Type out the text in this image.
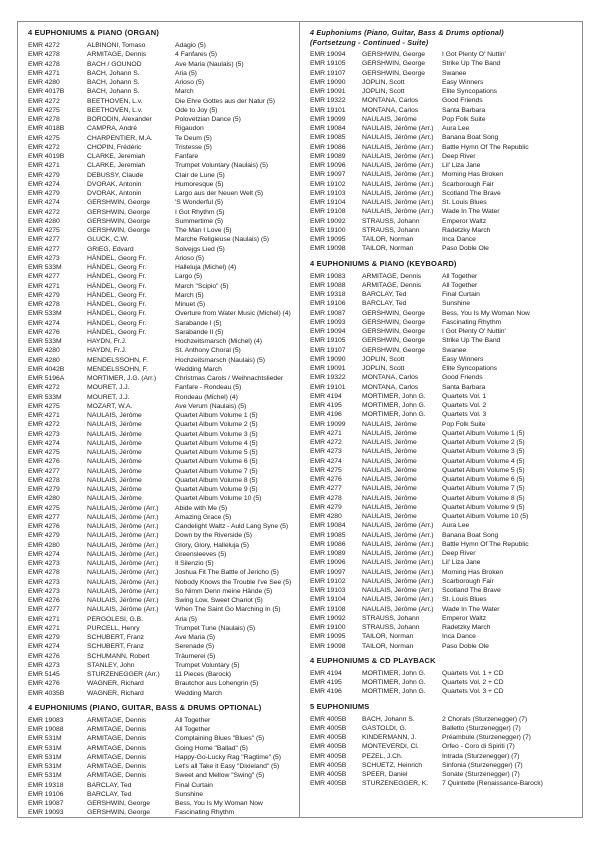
4 EUPHONIUMS & PIANO (ORGAN)
EMR 4272	ALBINONI, Tomaso	Adagio (5)
EMR 4278	ARMITAGE, Dennis	4 Fanfares (5)
EMR 4278	BACH / GOUNOD	Ave Maria (Naulais) (5)
EMR 4271	BACH, Johann S.	Aria (5)
EMR 4280	BACH, Johann S.	Arioso (5)
EMR 4017B	BACH, Johann S.	March
EMR 4272	BEETHOVEN, L.v.	Die Ehre Gottes aus der Natur (5)
EMR 4275	BEETHOVEN, L.v.	Ode to Joy (5)
EMR 4278	BORODIN, Alexander	Polovetzian Dance (5)
EMR 4018B	CAMPRA, André	Rigaudon
EMR 4275	CHARPENTIER, M.A.	Te Deum (5)
EMR 4272	CHOPIN, Frédéric	Tristesse (5)
EMR 4019B	CLARKE, Jeremiah	Fanfare
EMR 4271	CLARKE, Jeremiah	Trumpet Voluntary (Naulais) (5)
EMR 4279	DEBUSSY, Claude	Clair de Lune (5)
EMR 4274	DVORAK, Antonin	Humoresque (5)
EMR 4279	DVORAK, Antonin	Largo aus der Neuen Welt (5)
EMR 4274	GERSHWIN, George	'S Wonderful (5)
EMR 4272	GERSHWIN, George	I Got Rhythm (5)
EMR 4280	GERSHWIN, George	Summertime (5)
EMR 4275	GERSHWIN, George	The Man I Love (5)
EMR 4277	GLUCK, C.W.	Marche Religieuse (Naulais) (5)
EMR 4277	GRIEG, Edvard	Solvejgs Lied (5)
EMR 4273	HÄNDEL, Georg Fr.	Arioso (5)
EMR 533M	HÄNDEL, Georg Fr.	Halleluja (Michel) (4)
EMR 4277	HÄNDEL, Georg Fr.	Largo (5)
EMR 4271	HÄNDEL, Georg Fr.	March "Scipio" (5)
EMR 4279	HÄNDEL, Georg Fr.	March (5)
EMR 4278	HÄNDEL, Georg Fr.	Minuet (5)
EMR 533M	HÄNDEL, Georg Fr.	Overture from Water Music (Michel) (4)
EMR 4274	HÄNDEL, Georg Fr.	Sarabande I (5)
EMR 4276	HÄNDEL, Georg Fr.	Sarabande II (5)
EMR 533M	HAYDN, Fr.J.	Hochzeitsmarsch (Michel) (4)
EMR 4280	HAYDN, Fr.J.	St. Anthony Choral (5)
EMR 4280	MENDELSSOHN, F.	Hochzeitsmarsch (Naulais) (5)
EMR 4042B	MENDELSSOHN, F.	Wedding March
EMR 5196A	MORTIMER, J.G. (Arr.)	Christmas Carols / Weihnachtslieder
EMR 4272	MOURET, J.J.	Fanfare - Rondeau (5)
EMR 533M	MOURET, J.J.	Rondeau (Michel) (4)
EMR 4275	MOZART, W.A.	Ave Verum (Naulais) (5)
EMR 4271	NAULAIS, Jérôme	Quartet Album Volume 1 (5)
EMR 4272	NAULAIS, Jérôme	Quartet Album Volume 2 (5)
EMR 4273	NAULAIS, Jérôme	Quartet Album Volume 3 (5)
EMR 4274	NAULAIS, Jérôme	Quartet Album Volume 4 (5)
EMR 4275	NAULAIS, Jérôme	Quartet Album Volume 5 (5)
EMR 4276	NAULAIS, Jérôme	Quartet Album Volume 6 (5)
EMR 4277	NAULAIS, Jérôme	Quartet Album Volume 7 (5)
EMR 4278	NAULAIS, Jérôme	Quartet Album Volume 8 (5)
EMR 4279	NAULAIS, Jérôme	Quartet Album Volume 9 (5)
EMR 4280	NAULAIS, Jérôme	Quartet Album Volume 10 (5)
EMR 4275	NAULAIS, Jérôme (Arr.)	Abide with Me (5)
EMR 4277	NAULAIS, Jérôme (Arr.)	Amazing Grace (5)
EMR 4276	NAULAIS, Jérôme (Arr.)	Candelight Waltz - Auld Lang Syne (5)
EMR 4279	NAULAIS, Jérôme (Arr.)	Down by the Riverside (5)
EMR 4280	NAULAIS, Jérôme (Arr.)	Glory, Glory, Halleluja (5)
EMR 4274	NAULAIS, Jérôme (Arr.)	Greensleeves (5)
EMR 4273	NAULAIS, Jérôme (Arr.)	Il Silenzio (5)
EMR 4278	NAULAIS, Jérôme (Arr.)	Joshua Fit The Battle of Jericho (5)
EMR 4273	NAULAIS, Jérôme (Arr.)	Nobody Knows the Trouble I've See (5)
EMR 4273	NAULAIS, Jérôme (Arr.)	So Nimm Denn meine Hände (5)
EMR 4276	NAULAIS, Jérôme (Arr.)	Swing Low, Sweet Chariot (5)
EMR 4277	NAULAIS, Jérôme (Arr.)	When The Saint Go Marching In (5)
EMR 4271	PERGOLESI, G.B.	Aria (5)
EMR 4271	PURCELL, Henry	Trumpet Tune (Naulais) (5)
EMR 4279	SCHUBERT, Franz	Ave Maria (5)
EMR 4274	SCHUBERT, Franz	Serenade (5)
EMR 4276	SCHUMANN, Robert	Träumerei (5)
EMR 4273	STANLEY, John	Trumpet Voluntary (5)
EMR 5145	STURZENEGGER (Arr.)	11 Pieces (Barock)
EMR 4276	WAGNER, Richard	Brautchor aus Lohengrin (5)
EMR 4035B	WAGNER, Richard	Wedding March
4 EUPHONIUMS (PIANO, GUITAR, BASS & DRUMS OPTIONAL)
EMR 19083	ARMITAGE, Dennis	All Together
EMR 19088	ARMITAGE, Dennis	All Together
EMR 531M	ARMITAGE, Dennis	Complaining Blues "Blues" (5)
EMR 531M	ARMITAGE, Dennis	Going Home "Ballad" (5)
EMR 531M	ARMITAGE, Dennis	Happy-Go-Lucky Rag "Ragtime" (5)
EMR 531M	ARMITAGE, Dennis	Let's all Take it Easy "Dixieland" (5)
EMR 531M	ARMITAGE, Dennis	Sweet and Mellow "Swing" (5)
EMR 19318	BARCLAY, Ted	Final Curtain
EMR 19106	BARCLAY, Ted	Sunshine
EMR 19087	GERSHWIN, George	Bess, You Is My Woman Now
EMR 19093	GERSHWIN, George	Fascinating Rhythm
4 Euphoniums (Piano, Guitar, Bass & Drums optional)
(Fortsetzung - Continued - Suite)
EMR 19094	GERSHWIN, George	I Got Plenty O' Nuttin'
EMR 19105	GERSHWIN, George	Strike Up The Band
EMR 19107	GERSHWIN, George	Swanee
EMR 19090	JOPLIN, Scott	Easy Winners
EMR 19091	JOPLIN, Scott	Elite Syncopations
EMR 19322	MONTANA, Carlos	Good Friends
EMR 19101	MONTANA, Carlos	Santa Barbara
EMR 19099	NAULAIS, Jérôme	Pop Folk Suite
EMR 19084	NAULAIS, Jérôme (Arr.)	Aura Lee
EMR 19085	NAULAIS, Jérôme (Arr.)	Banana Boat Song
EMR 19086	NAULAIS, Jérôme (Arr.)	Battle Hymn Of The Republic
EMR 19089	NAULAIS, Jérôme (Arr.)	Deep River
EMR 19096	NAULAIS, Jérôme (Arr.)	Lil' Liza Jane
EMR 19097	NAULAIS, Jérôme (Arr.)	Morning Has Broken
EMR 19102	NAULAIS, Jérôme (Arr.)	Scarborough Fair
EMR 19103	NAULAIS, Jérôme (Arr.)	Scotland The Brave
EMR 19104	NAULAIS, Jérôme (Arr.)	St. Louis Blues
EMR 19108	NAULAIS, Jérôme (Arr.)	Wade In The Water
EMR 19092	STRAUSS, Johann	Emperor Waltz
EMR 19100	STRAUSS, Johann	Radetzky March
EMR 19095	TAILOR, Norman	Inca Dance
EMR 19098	TAILOR, Norman	Paso Doble Ole
4 EUPHONIUMS & PIANO (KEYBOARD)
EMR 19083	ARMITAGE, Dennis	All Together
EMR 19088	ARMITAGE, Dennis	All Together
EMR 19318	BARCLAY, Ted	Final Curtain
EMR 19106	BARCLAY, Ted	Sunshine
EMR 19087	GERSHWIN, George	Bess, You Is My Woman Now
EMR 19093	GERSHWIN, George	Fascinating Rhythm
EMR 19094	GERSHWIN, George	I Got Plenty O' Nuttin'
EMR 19105	GERSHWIN, George	Strike Up The Band
EMR 19107	GERSHWIN, George	Swanee
EMR 19090	JOPLIN, Scott	Easy Winners
EMR 19091	JOPLIN, Scott	Elite Syncopations
EMR 19322	MONTANA, Carlos	Good Friends
EMR 19101	MONTANA, Carlos	Santa Barbara
EMR 4194	MORTIMER, John G.	Quartets Vol. 1
EMR 4195	MORTIMER, John G.	Quartets Vol. 2
EMR 4196	MORTIMER, John G.	Quartets Vol. 3
EMR 19099	NAULAIS, Jérôme	Pop Folk Suite
EMR 4271	NAULAIS, Jérôme	Quartet Album Volume 1 (5)
EMR 4272	NAULAIS, Jérôme	Quartet Album Volume 2 (5)
EMR 4273	NAULAIS, Jérôme	Quartet Album Volume 3 (5)
EMR 4274	NAULAIS, Jérôme	Quartet Album Volume 4 (5)
EMR 4275	NAULAIS, Jérôme	Quartet Album Volume 5 (5)
EMR 4276	NAULAIS, Jérôme	Quartet Album Volume 6 (5)
EMR 4277	NAULAIS, Jérôme	Quartet Album Volume 7 (5)
EMR 4278	NAULAIS, Jérôme	Quartet Album Volume 8 (5)
EMR 4279	NAULAIS, Jérôme	Quartet Album Volume 9 (5)
EMR 4280	NAULAIS, Jérôme	Quartet Album Volume 10 (5)
EMR 19084	NAULAIS, Jérôme (Arr.)	Aura Lee
EMR 19085	NAULAIS, Jérôme (Arr.)	Banana Boat Song
EMR 19086	NAULAIS, Jérôme (Arr.)	Battle Hymn Of The Republic
EMR 19089	NAULAIS, Jérôme (Arr.)	Deep River
EMR 19096	NAULAIS, Jérôme (Arr.)	Lil' Liza Jane
EMR 19097	NAULAIS, Jérôme (Arr.)	Morning Has Broken
EMR 19102	NAULAIS, Jérôme (Arr.)	Scarborough Fair
EMR 19103	NAULAIS, Jérôme (Arr.)	Scotland The Brave
EMR 19104	NAULAIS, Jérôme (Arr.)	St. Louis Blues
EMR 19108	NAULAIS, Jérôme (Arr.)	Wade In The Water
EMR 19092	STRAUSS, Johann	Emperor Waltz
EMR 19100	STRAUSS, Johann	Radetzky March
EMR 19095	TAILOR, Norman	Inca Dance
EMR 19098	TAILOR, Norman	Paso Doble Ole
4 EUPHONIUMS & CD PLAYBACK
EMR 4194	MORTIMER, John G.	Quartets Vol. 1 + CD
EMR 4195	MORTIMER, John G.	Quartets Vol. 2 + CD
EMR 4196	MORTIMER, John G.	Quartets Vol. 3 + CD
5 EUPHONIUMS
EMR 4005B	BACH, Johann S.	2 Chorals (Sturzenegger) (7)
EMR 4005B	GASTOLDI, G.	Balletto (Sturzenegger) (7)
EMR 4005B	KINDERMANN, J.	Préambule (Sturzenegger) (7)
EMR 4005B	MONTEVERDI, Cl.	Orfeo - Coro di Spiriti (7)
EMR 4005B	PEZEL, J.Ch.	Intrada (Sturzenegger) (7)
EMR 4005B	SCHUETZ, Heinrich	Sinfonia (Sturzenegger) (7)
EMR 4005B	SPEER, Daniel	Sonate (Sturzenegger) (7)
EMR 4005B	STURZENEGGER, K.	7 Quintette (Renaissance-Barock)
